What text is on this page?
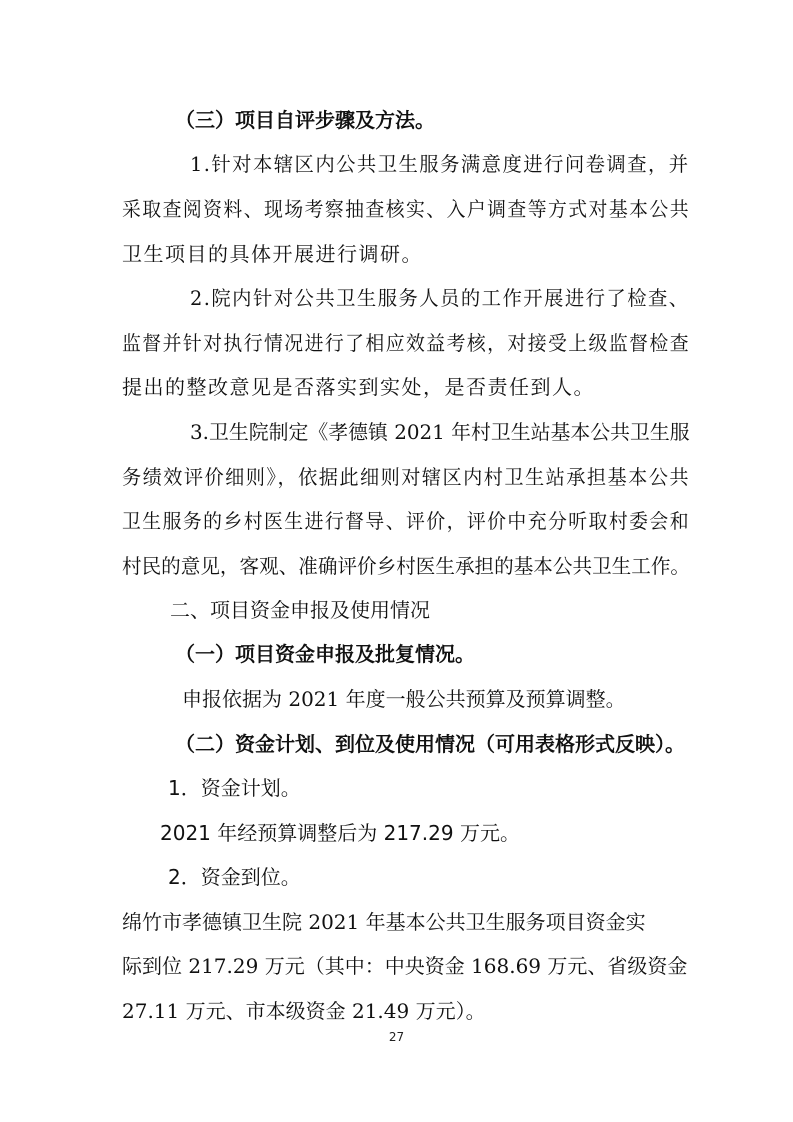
（三）项目自评步骤及方法。
1.针对本辖区内公共卫生服务满意度进行问卷调查，并
采取查阅资料、现场考察抽查核实、入户调查等方式对基本公共
卫生项目的具体开展进行调研。
2.院内针对公共卫生服务人员的工作开展进行了检查、
监督并针对执行情况进行了相应效益考核，对接受上级监督检查
提出的整改意见是否落实到实处，是否责任到人。
3.卫生院制定《孝德镇 2021 年村卫生站基本公共卫生服
务绩效评价细则》，依据此细则对辖区内村卫生站承担基本公共
卫生服务的乡村医生进行督导、评价，评价中充分听取村委会和
村民的意见，客观、准确评价乡村医生承担的基本公共卫生工作。
二、项目资金申报及使用情况
（一）项目资金申报及批复情况。
申报依据为 2021 年度一般公共预算及预算调整。
（二）资金计划、到位及使用情况（可用表格形式反映）。
1．资金计划。
2021 年经预算调整后为 217.29 万元。
2．资金到位。
绵竹市孝德镇卫生院 2021 年基本公共卫生服务项目资金实
际到位 217.29 万元（其中：中央资金 168.69 万元、省级资金
27.11 万元、市本级资金 21.49 万元）。
27
